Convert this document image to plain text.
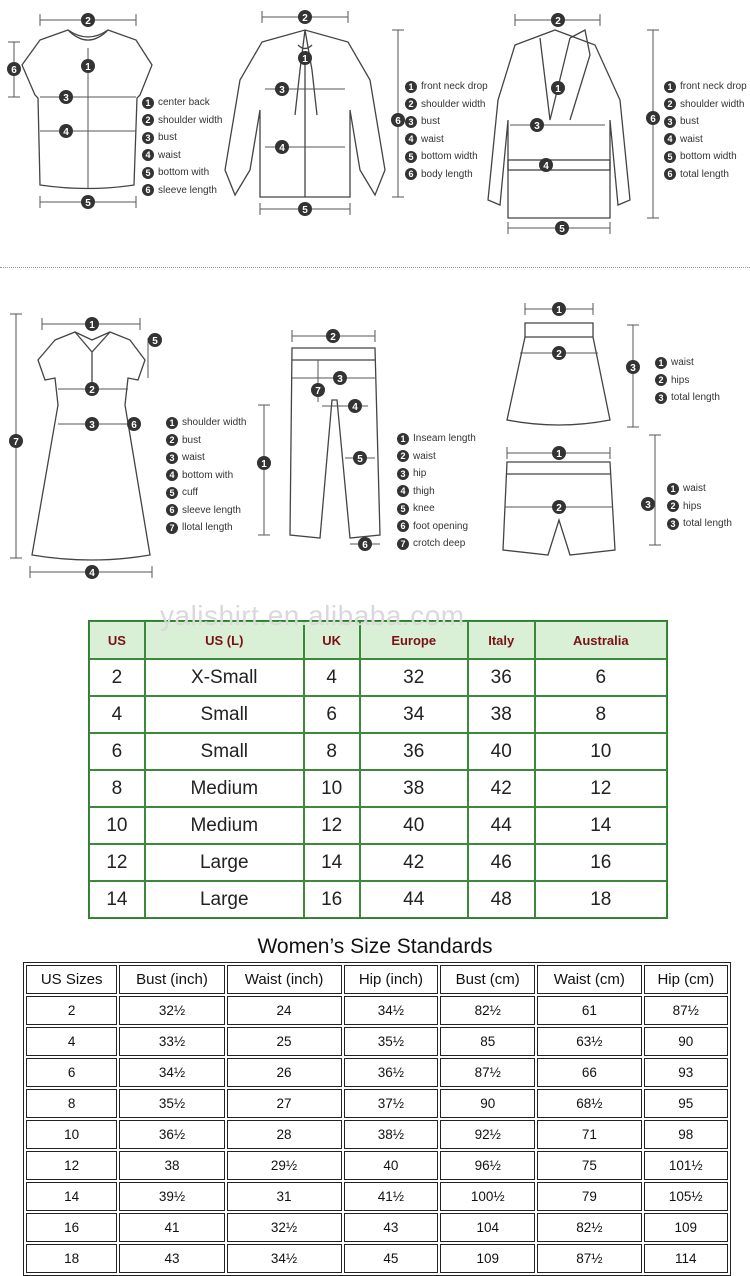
2
1
3
4
5
6
1 center back
2 shoulder width
3 bust
4 waist
5 bottom with
6 sleeve length
2
1
3
4
5
6
1 front neck drop
2 shoulder width
3 bust
4 waist
5 bottom width
6 body length
2
1
3
4
5
6
1 front neck drop
2 shoulder width
3 bust
4 waist
5 bottom width
6 total length
1
2
3
4
5
6
7
1 shoulder width
2 bust
3 waist
4 bottom with
5 cuff
6 sleeve length
7 llotal length
2
3
7
4
5
6
1
1 Inseam length
2 waist
3 hip
4 thigh
5 knee
6 foot opening
7 crotch deep
1
2
3
1 waist
2 hips
3 total length
1
2	3
1 waist
2 hips
3 total length
US	US (L)	UK	Europe	Italy	Australia
2	X-Small	4	32	36	6
4	Small	6	34	38	8
6	Small	8	36	40	10
8	Medium	10	38	42	12
10	Medium	12	40	44	14
12	Large	14	42	46	16
14	Large	16	44	48	18
yalishirt.en.alibaba.com
Women’s Size Standards
US Sizes	Bust (inch)	Waist (inch)	Hip (inch)	Bust (cm)	Waist (cm)	Hip (cm)
2	32½	24	34½	82½	61	87½
4	33½	25	35½	85	63½	90
6	34½	26	36½	87½	66	93
8	35½	27	37½	90	68½	95
10	36½	28	38½	92½	71	98
12	38	29½	40	96½	75	101½
14	39½	31	41½	100½	79	105½
16	41	32½	43	104	82½	109
18	43	34½	45	109	87½	114
